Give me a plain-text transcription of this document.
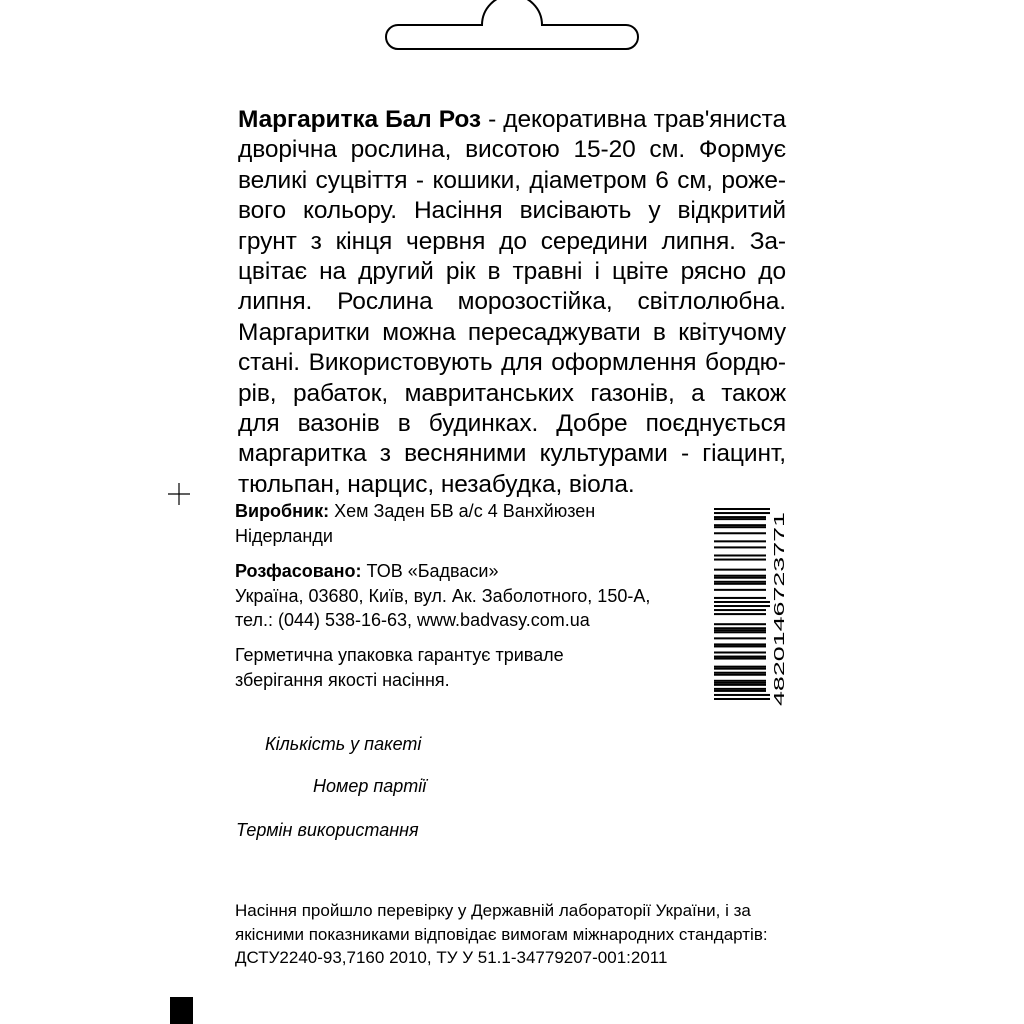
Маргаритка Бал Роз - декоративна трав'яниста
дворічна рослина, висотою 15-20 см. Формує
великі суцвіття - кошики, діаметром 6 см, роже-
вого кольору. Насіння висівають у відкритий
грунт з кінця червня до середини липня. За-
цвітає на другий рік в травні і цвіте рясно до
липня. Рослина морозостійка, світлолюбна.
Маргаритки можна пересаджувати в квітучому
стані. Використовують для оформлення бордю-
рів, рабаток, мавританських газонів, а також
для вазонів в будинках. Добре поєднується
маргаритка з весняними культурами - гіацинт,
тюльпан, нарцис, незабудка, віола.
Виробник: Хем Заден БВ а/с 4 Ванхйюзен
Нідерланди
Розфасовано: ТОВ «Бадваси»
Україна, 03680, Київ, вул. Ак. Заболотного, 150-А,
тел.: (044) 538-16-63, www.badvasy.com.ua
Герметична упаковка гарантує тривале
зберігання якості насіння.
Кількість у пакеті
Номер партії
Термін використання
Насіння пройшло перевірку у Державній лабораторії України, і за
якісними показниками відповідає вимогам міжнародних стандартів:
ДСТУ2240-93,7160 2010, ТУ У 51.1-34779207-001:2011
4820146723771
